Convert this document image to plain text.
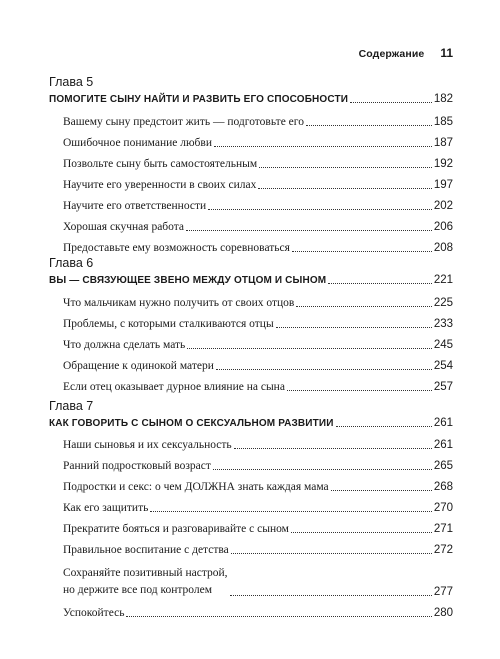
Содержание 11
Глава 5
ПОМОГИТЕ СЫНУ НАЙТИ И РАЗВИТЬ ЕГО СПОСОБНОСТИ	182
Вашему сыну предстоит жить — подготовьте его	185
Ошибочное понимание любви	187
Позвольте сыну быть самостоятельным	192
Научите его уверенности в своих силах	197
Научите его ответственности	202
Хорошая скучная работа	206
Предоставьте ему возможность соревноваться	208
Глава 6
ВЫ — СВЯЗУЮЩЕЕ ЗВЕНО МЕЖДУ ОТЦОМ И СЫНОМ	221
Что мальчикам нужно получить от своих отцов	225
Проблемы, с которыми сталкиваются отцы	233
Что должна сделать мать	245
Обращение к одинокой матери	254
Если отец оказывает дурное влияние на сына	257
Глава 7
КАК ГОВОРИТЬ С СЫНОМ О СЕКСУАЛЬНОМ РАЗВИТИИ	261
Наши сыновья и их сексуальность	261
Ранний подростковый возраст	265
Подростки и секс: о чем ДОЛЖНА знать каждая мама	268
Как его защитить	270
Прекратите бояться и разговаривайте с сыном	271
Правильное воспитание с детства	272
Сохраняйте позитивный настрой,
но держите все под контролем	277
Успокойтесь	280
